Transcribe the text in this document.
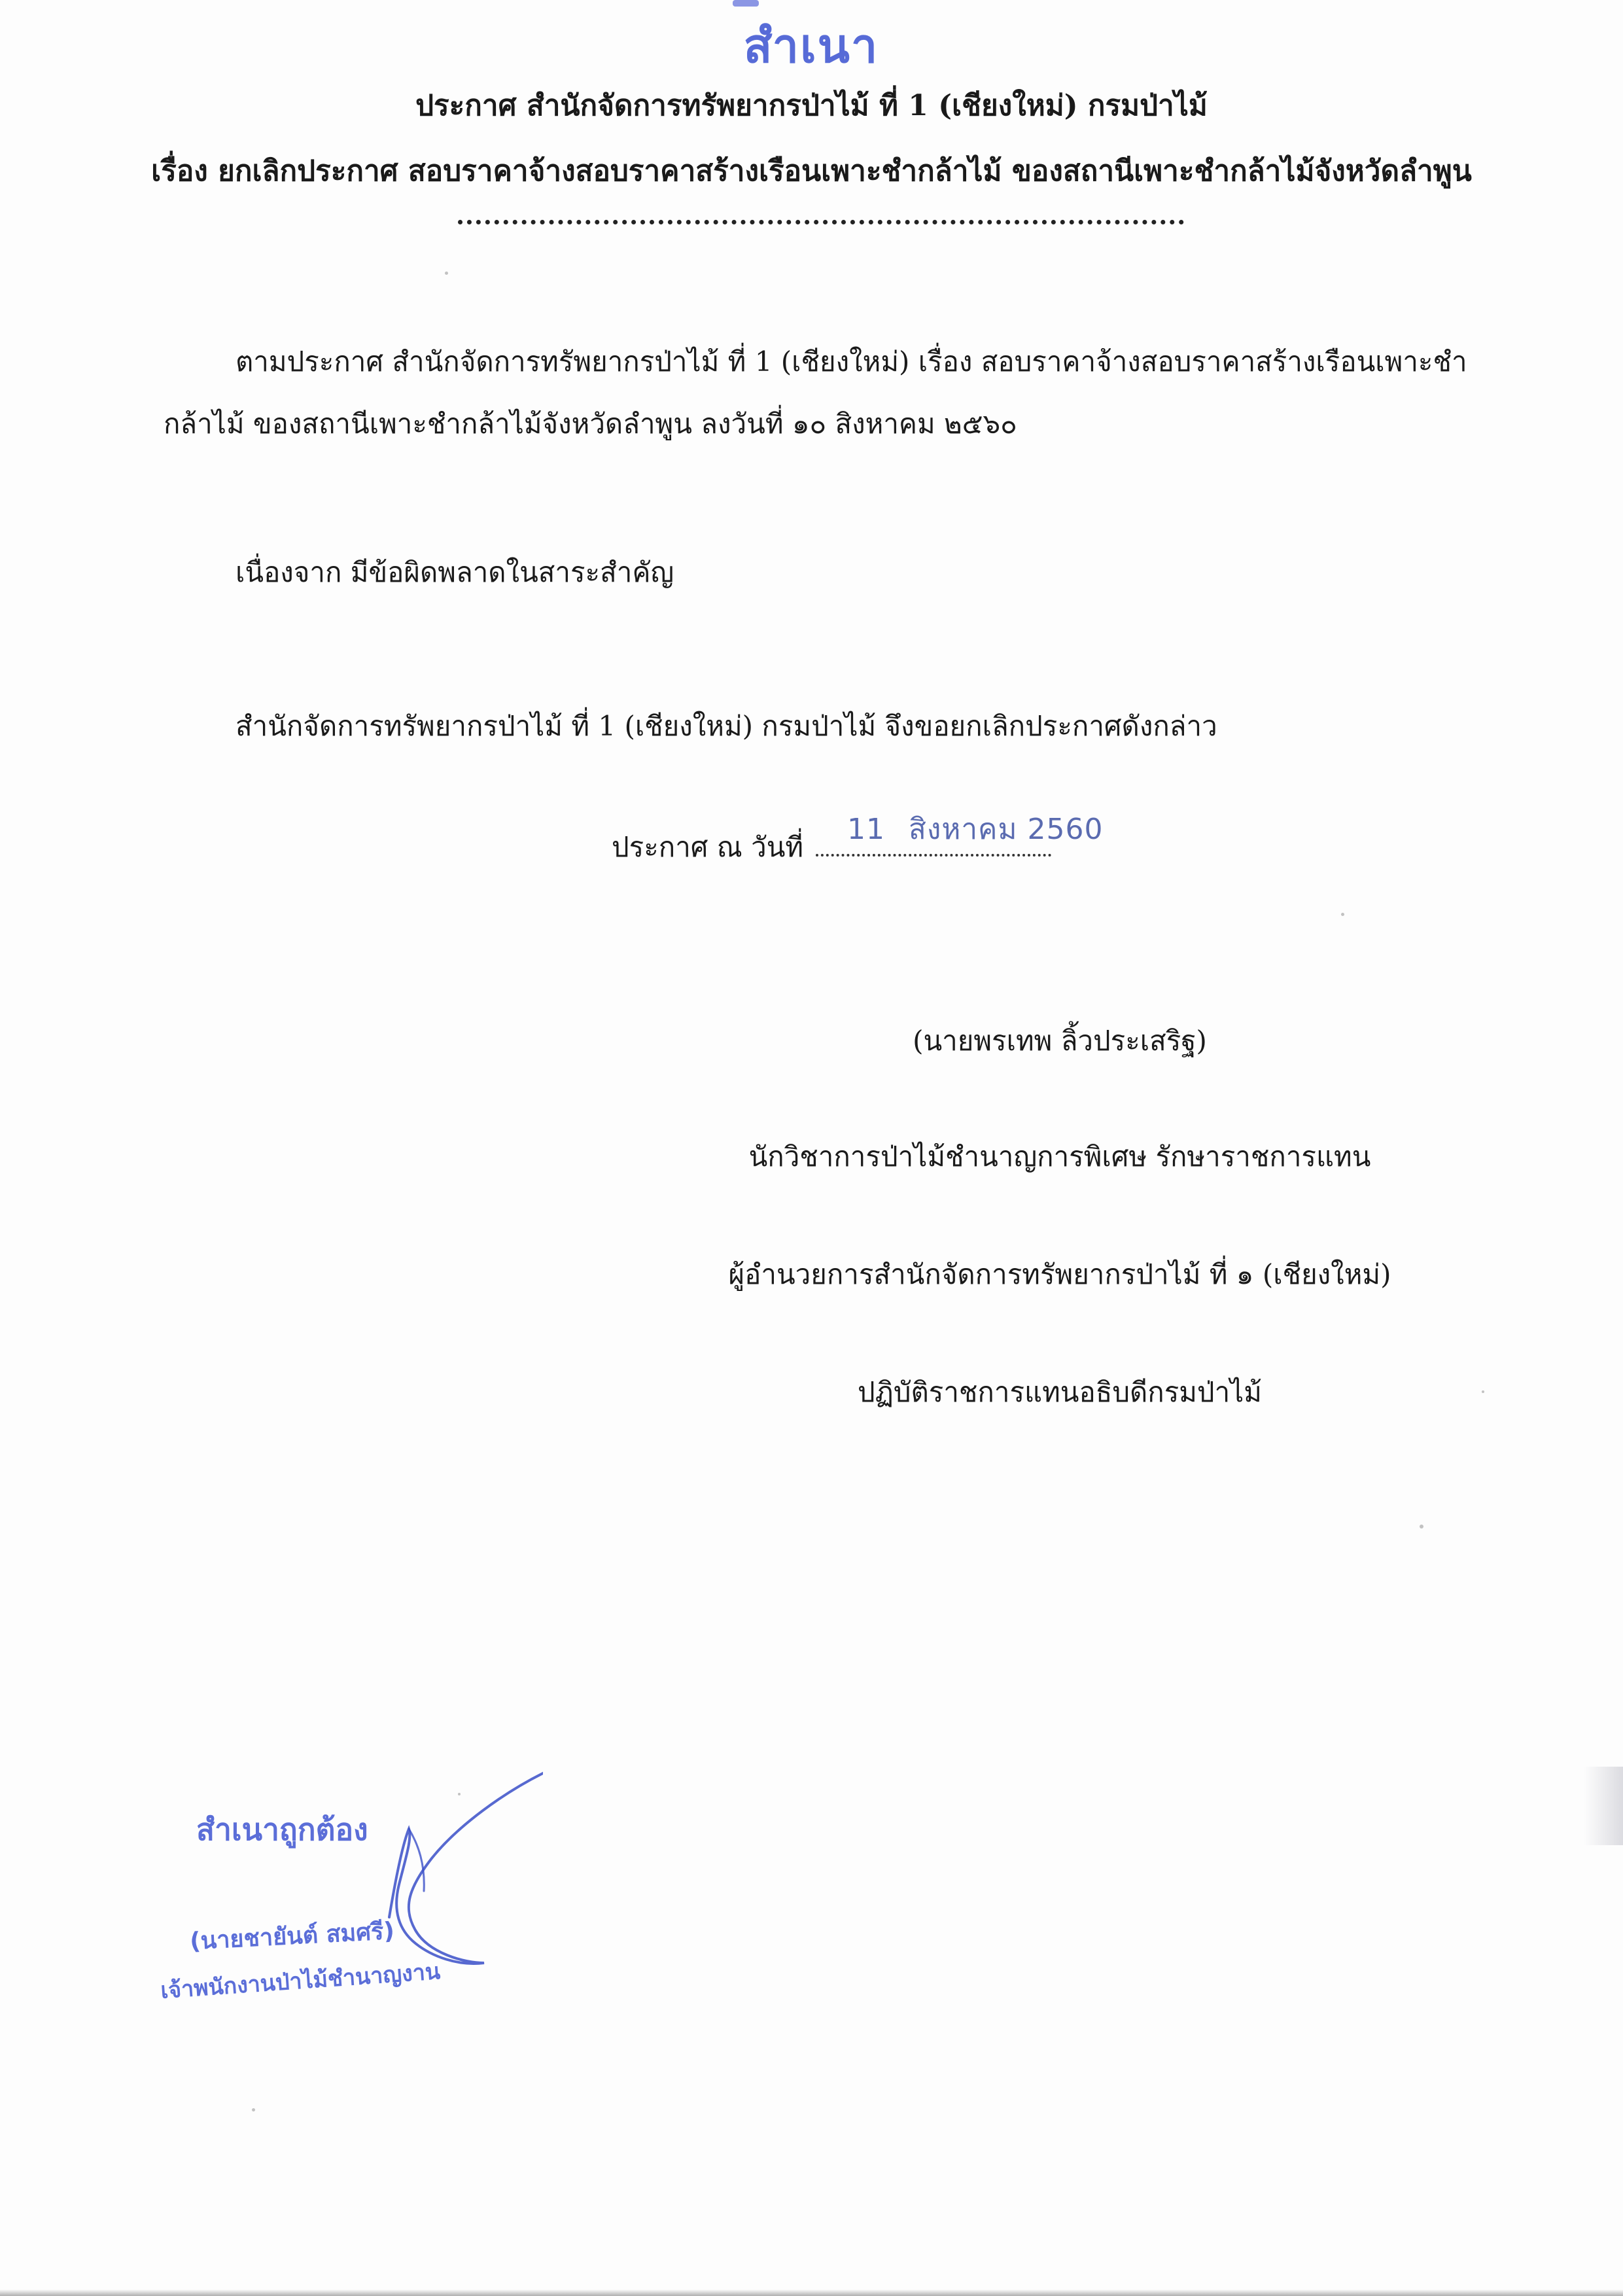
สำเนา
ประกาศ สำนักจัดการทรัพยากรป่าไม้ ที่ 1 (เชียงใหม่) กรมป่าไม้
เรื่อง ยกเลิกประกาศ สอบราคาจ้างสอบราคาสร้างเรือนเพาะชำกล้าไม้ ของสถานีเพาะชำกล้าไม้จังหวัดลำพูน
ตามประกาศ สำนักจัดการทรัพยากรป่าไม้ ที่ 1 (เชียงใหม่) เรื่อง สอบราคาจ้างสอบราคาสร้างเรือนเพาะชำ
กล้าไม้ ของสถานีเพาะชำกล้าไม้จังหวัดลำพูน ลงวันที่ ๑๐ สิงหาคม ๒๕๖๐
เนื่องจาก มีข้อผิดพลาดในสาระสำคัญ
สำนักจัดการทรัพยากรป่าไม้ ที่ 1 (เชียงใหม่) กรมป่าไม้ จึงขอยกเลิกประกาศดังกล่าว
ประกาศ ณ วันที่
11 สิงหาคม 2560
(นายพรเทพ ลิ้วประเสริฐ)
นักวิชาการป่าไม้ชำนาญการพิเศษ รักษาราชการแทน
ผู้อำนวยการสำนักจัดการทรัพยากรป่าไม้ ที่ ๑ (เชียงใหม่)
ปฏิบัติราชการแทนอธิบดีกรมป่าไม้
สำเนาถูกต้อง
(นายชายันต์ สมศรี)
เจ้าพนักงานป่าไม้ชำนาญงาน
